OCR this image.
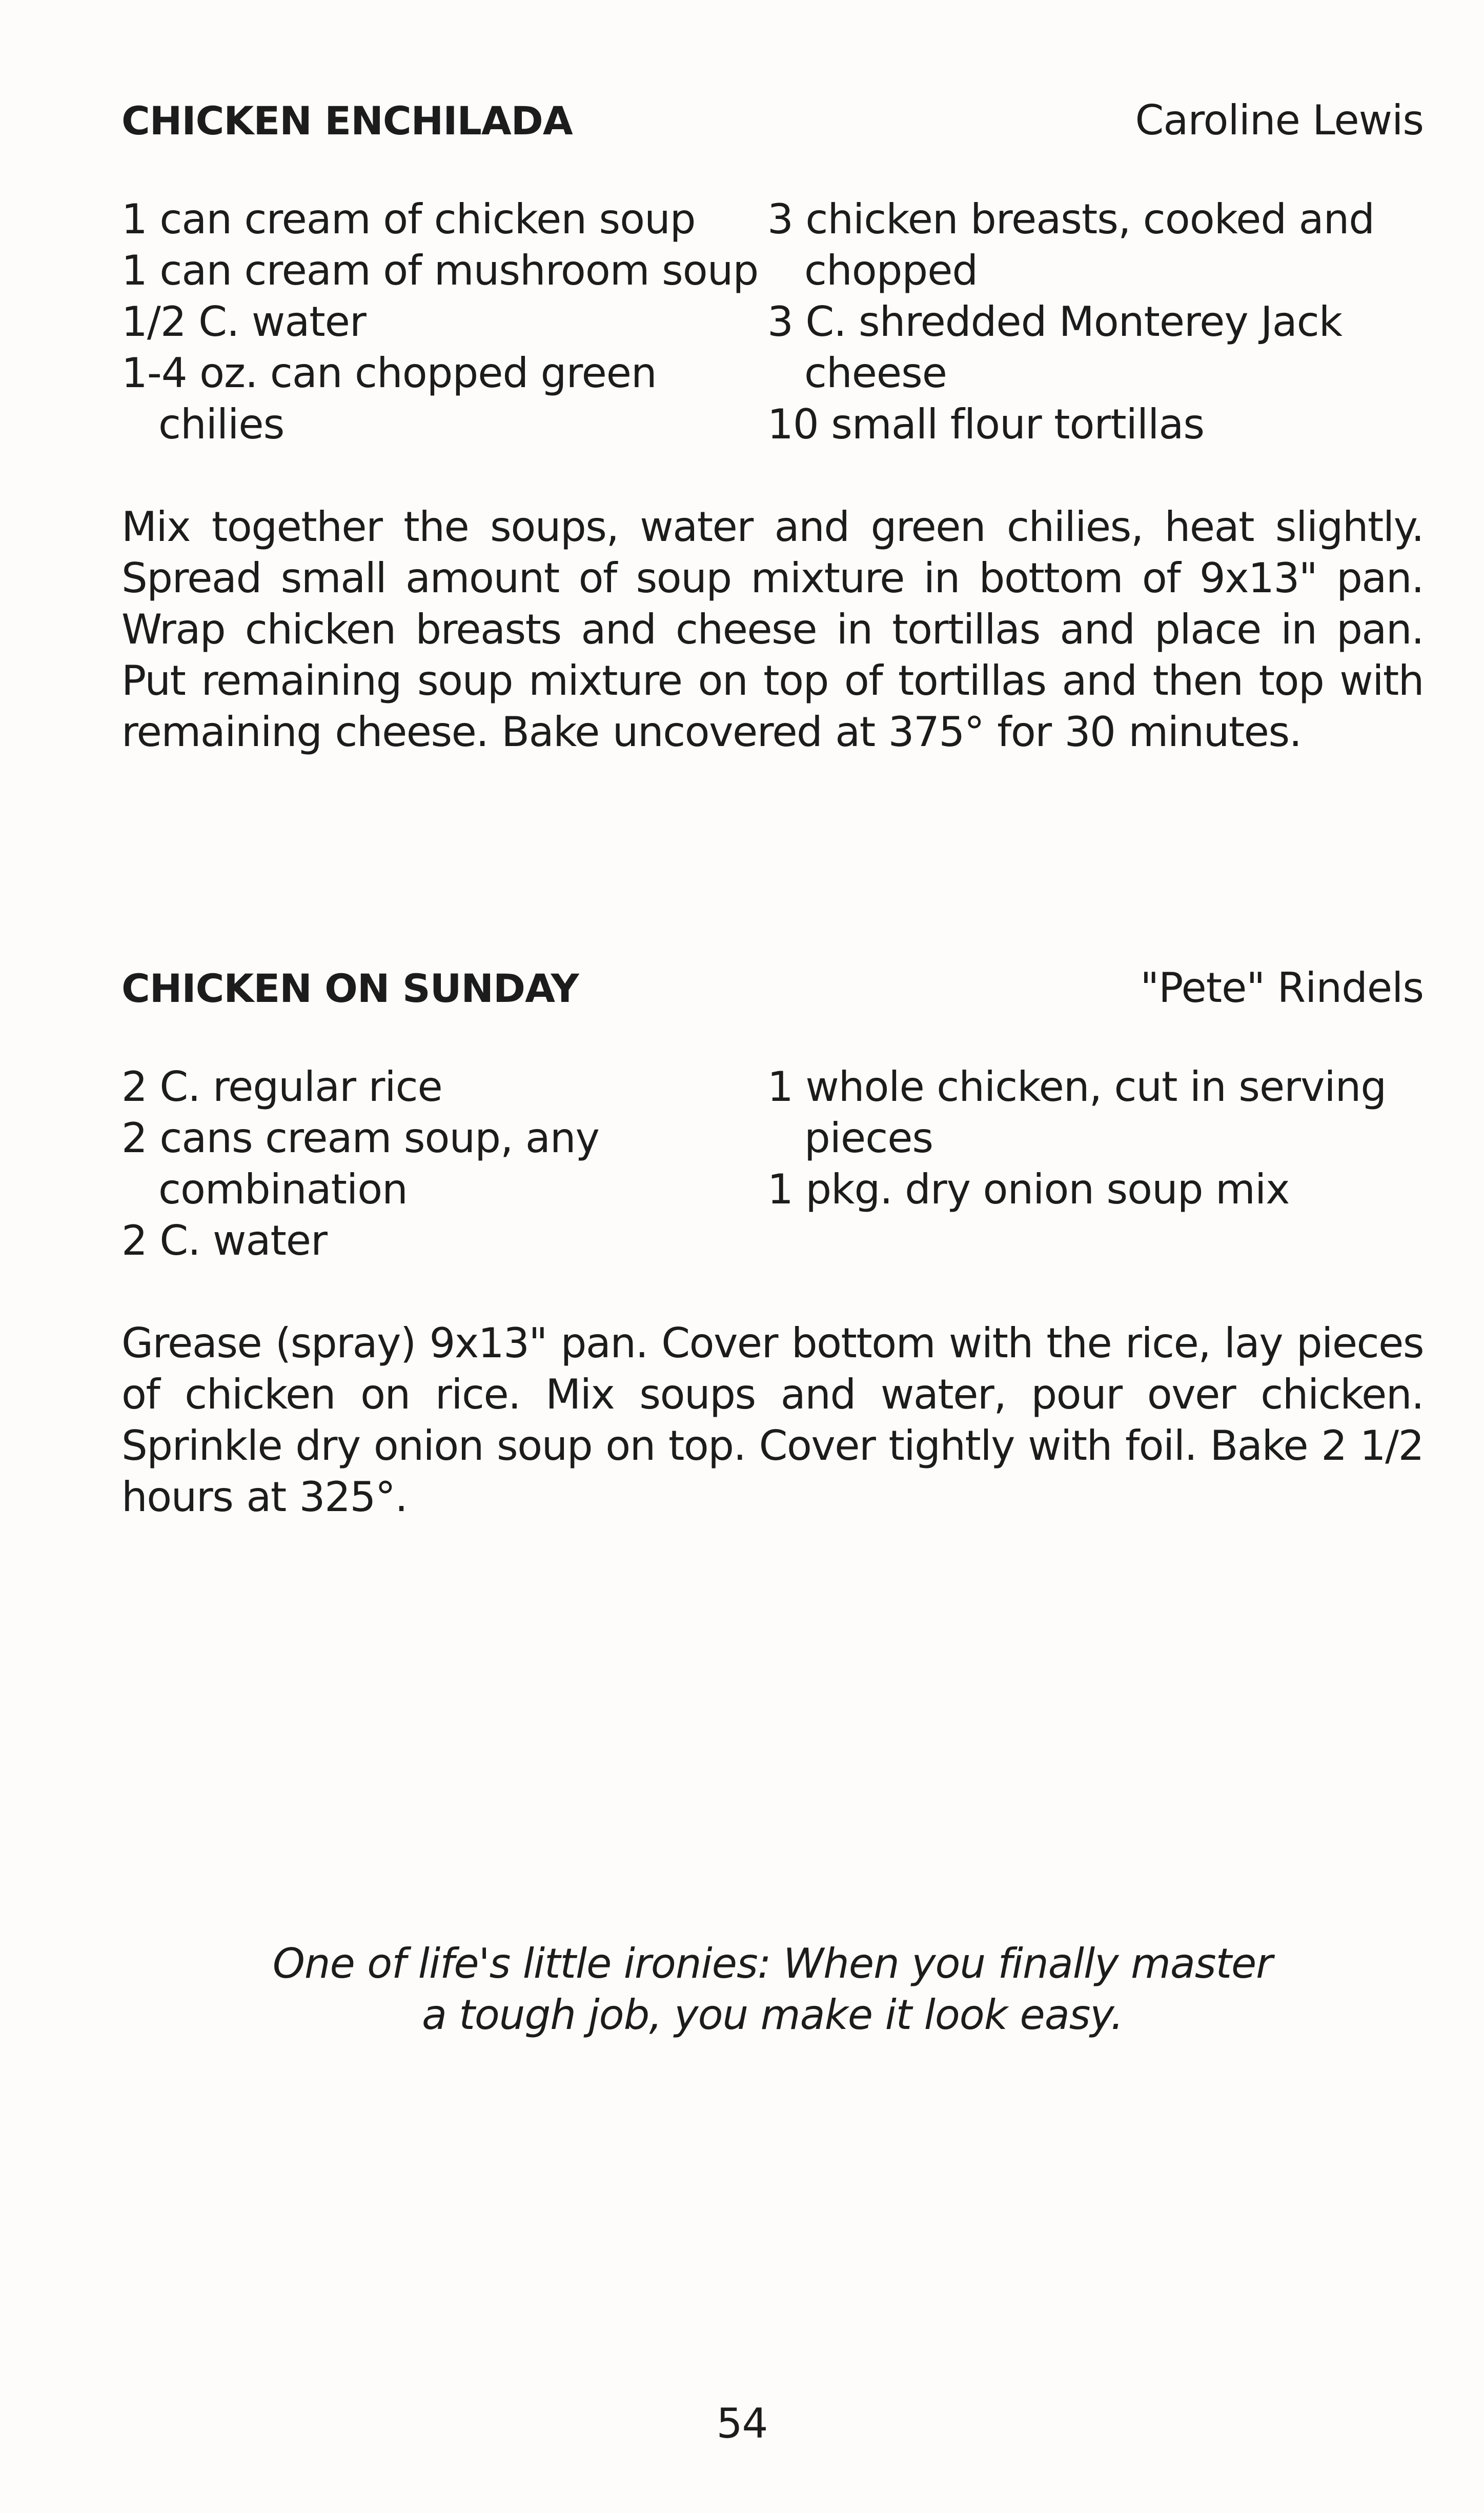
CHICKEN ENCHILADA	Caroline Lewis

1 can cream of chicken soup

1 can cream of mushroom soup

1/2 C. water

1-4 oz. can chopped green chilies

3 chicken breasts, cooked and chopped

3 C. shredded Monterey Jack cheese

10 small flour tortillas

Mix together the soups, water and green chilies, heat slightly. Spread small amount of soup mixture in bottom of 9x13" pan. Wrap chicken breasts and cheese in tortillas and place in pan. Put remaining soup mixture on top of tortillas and then top with remaining cheese. Bake uncovered at 375° for 30 minutes.

CHICKEN ON SUNDAY	"Pete" Rindels

2 C. regular rice

2 cans cream soup, any combination

2 C. water

1 whole chicken, cut in serving pieces

1 pkg. dry onion soup mix

Grease (spray) 9x13" pan. Cover bottom with the rice, lay pieces of chicken on rice. Mix soups and water, pour over chicken. Sprinkle dry onion soup on top. Cover tightly with foil. Bake 2 1/2 hours at 325°.

One of life's little ironies: When you finally master
a tough job, you make it look easy.
54
